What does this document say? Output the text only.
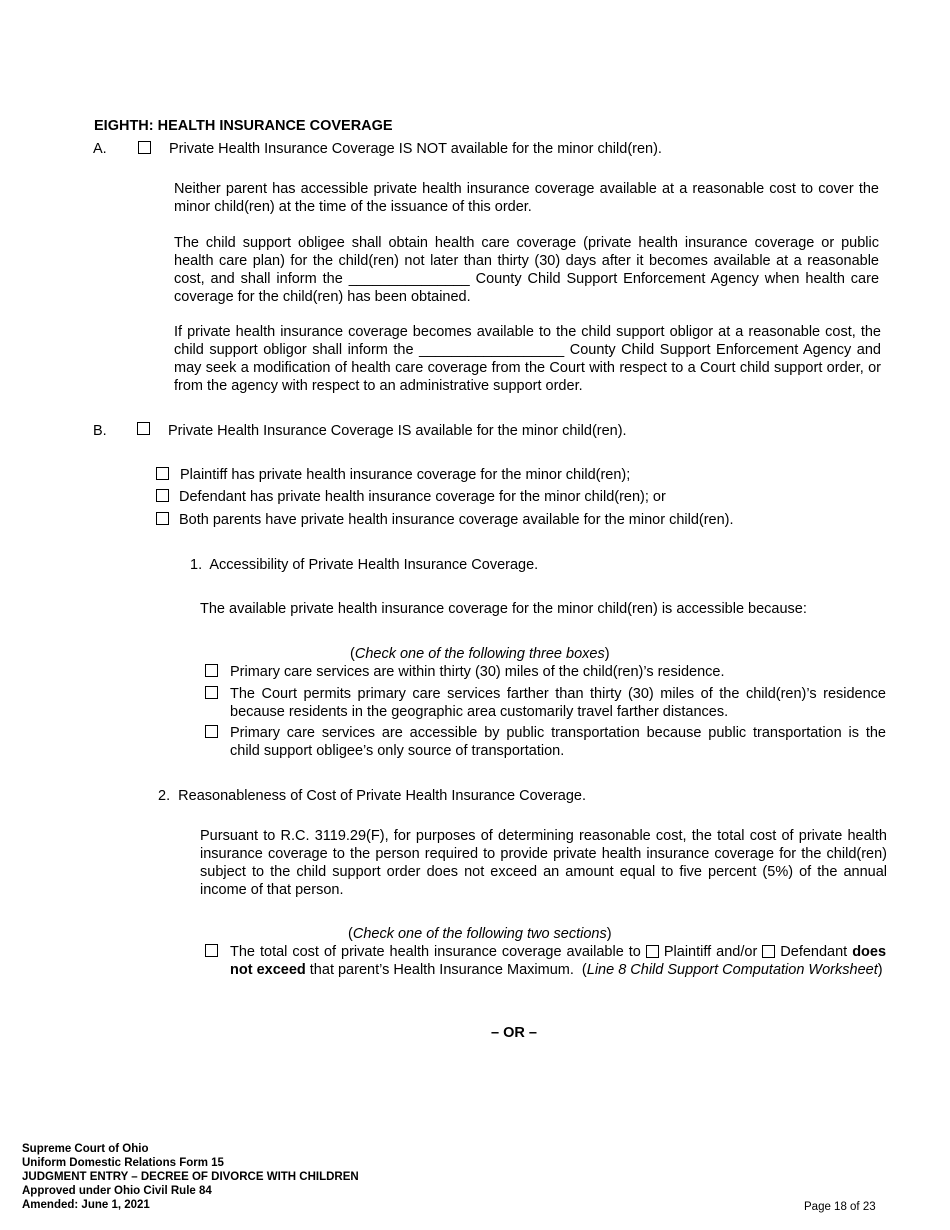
EIGHTH: HEALTH INSURANCE COVERAGE
A.	Private Health Insurance Coverage IS NOT available for the minor child(ren).
Neither parent has accessible private health insurance coverage available at a reasonable cost to cover the minor child(ren) at the time of the issuance of this order.
The child support obligee shall obtain health care coverage (private health insurance coverage or public health care plan) for the child(ren) not later than thirty (30) days after it becomes available at a reasonable cost, and shall inform the _______________ County Child Support Enforcement Agency when health care coverage for the child(ren) has been obtained.
If private health insurance coverage becomes available to the child support obligor at a reasonable cost, the child support obligor shall inform the __________________ County Child Support Enforcement Agency and may seek a modification of health care coverage from the Court with respect to a Court child support order, or from the agency with respect to an administrative support order.
B.	Private Health Insurance Coverage IS available for the minor child(ren).
Plaintiff has private health insurance coverage for the minor child(ren);
Defendant has private health insurance coverage for the minor child(ren); or
Both parents have private health insurance coverage available for the minor child(ren).
1. Accessibility of Private Health Insurance Coverage.
The available private health insurance coverage for the minor child(ren) is accessible because:
(Check one of the following three boxes)
Primary care services are within thirty (30) miles of the child(ren)’s residence.
The Court permits primary care services farther than thirty (30) miles of the child(ren)’s residence because residents in the geographic area customarily travel farther distances.
Primary care services are accessible by public transportation because public transportation is the child support obligee’s only source of transportation.
2. Reasonableness of Cost of Private Health Insurance Coverage.
Pursuant to R.C. 3119.29(F), for purposes of determining reasonable cost, the total cost of private health insurance coverage to the person required to provide private health insurance coverage for the child(ren) subject to the child support order does not exceed an amount equal to five percent (5%) of the annual income of that person.
(Check one of the following two sections)
The total cost of private health insurance coverage available to Plaintiff and/or Defendant does not exceed that parent’s Health Insurance Maximum.  (Line 8 Child Support Computation Worksheet)
– OR –
Supreme Court of Ohio
Uniform Domestic Relations Form 15
JUDGMENT ENTRY – DECREE OF DIVORCE WITH CHILDREN
Approved under Ohio Civil Rule 84
Amended: June 1, 2021	Page 18 of 23
